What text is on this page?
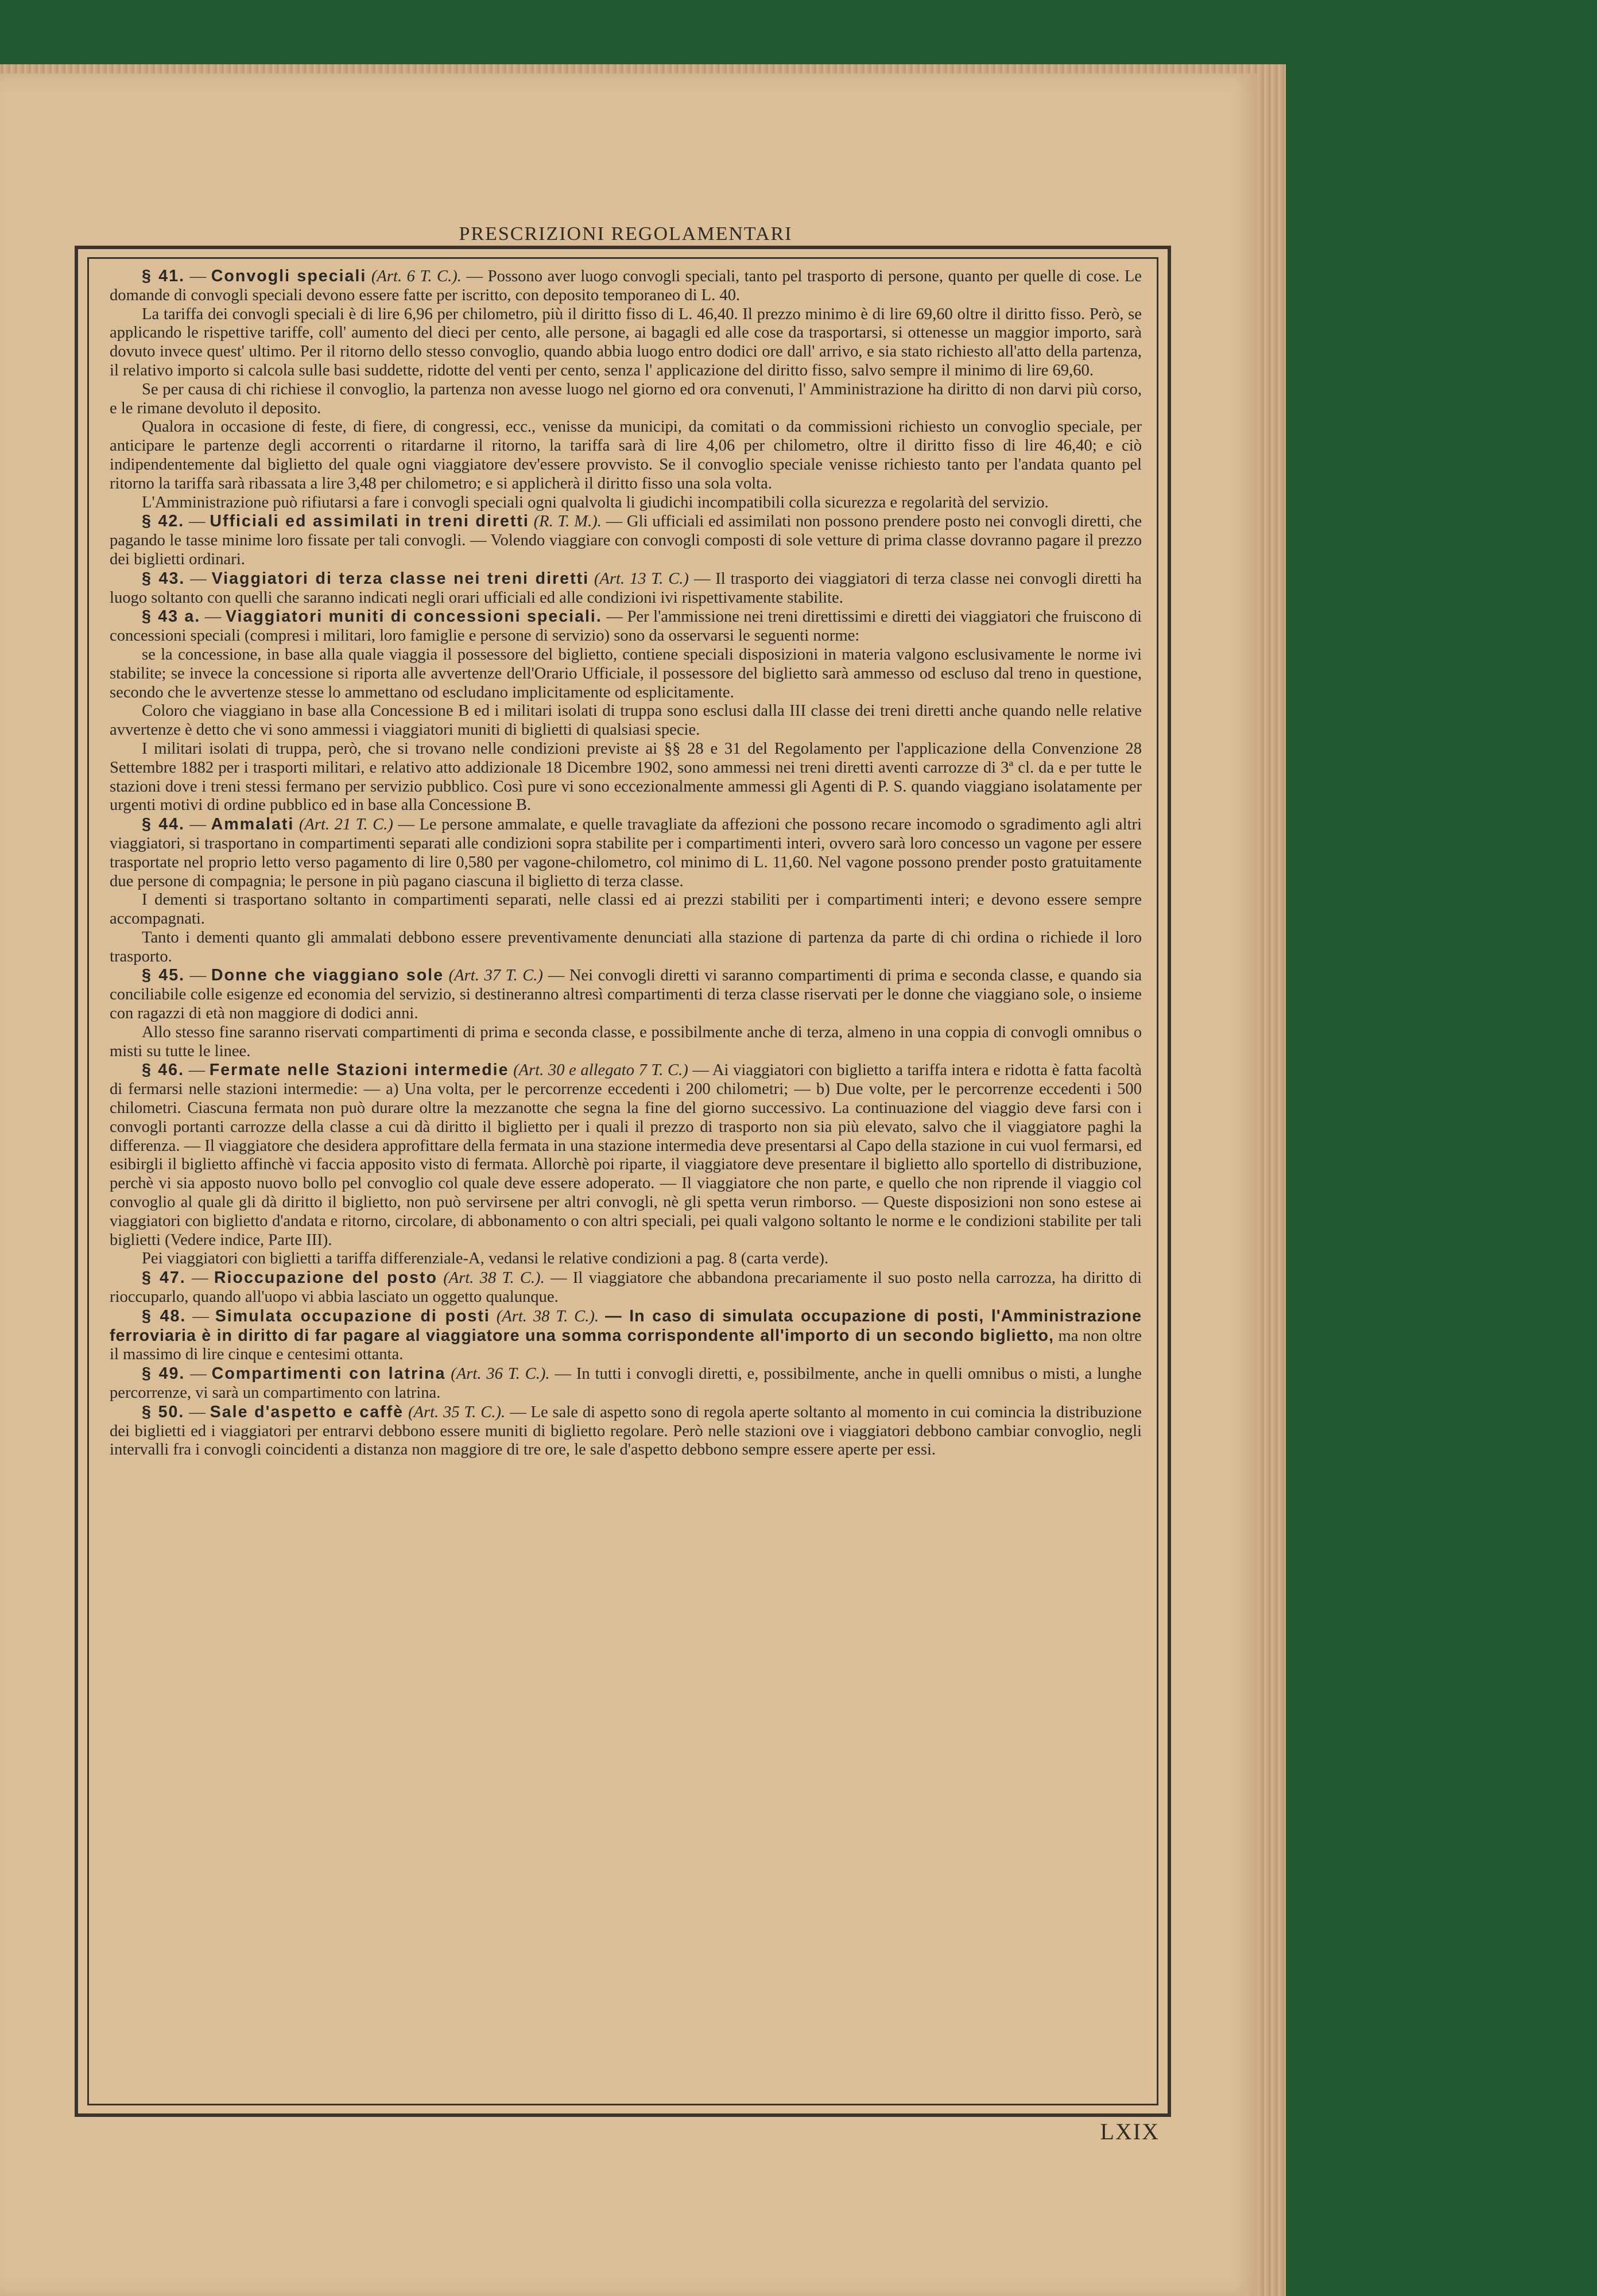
PRESCRIZIONI REGOLAMENTARI

§ 41. — Convogli speciali (Art. 6 T. C.). — Possono aver luogo convogli speciali, tanto pel trasporto di persone, quanto per quelle di cose. Le domande di convogli speciali devono essere fatte per iscritto, con deposito temporaneo di L. 40.

La tariffa dei convogli speciali è di lire 6,96 per chilometro, più il diritto fisso di L. 46,40. Il prezzo minimo è di lire 69,60 oltre il diritto fisso. Però, se applicando le rispettive tariffe, coll' aumento del dieci per cento, alle persone, ai bagagli ed alle cose da trasportarsi, si ottenesse un maggior importo, sarà dovuto invece quest' ultimo. Per il ritorno dello stesso convoglio, quando abbia luogo entro dodici ore dall' arrivo, e sia stato richiesto all'atto della partenza, il relativo importo si calcola sulle basi suddette, ridotte del venti per cento, senza l' applicazione del diritto fisso, salvo sempre il minimo di lire 69,60.

Se per causa di chi richiese il convoglio, la partenza non avesse luogo nel giorno ed ora convenuti, l' Amministrazione ha diritto di non darvi più corso, e le rimane devoluto il deposito.

Qualora in occasione di feste, di fiere, di congressi, ecc., venisse da municipi, da comitati o da commissioni richiesto un convoglio speciale, per anticipare le partenze degli accorrenti o ritardarne il ritorno, la tariffa sarà di lire 4,06 per chilometro, oltre il diritto fisso di lire 46,40; e ciò indipendentemente dal biglietto del quale ogni viaggiatore dev'essere provvisto. Se il convoglio speciale venisse richiesto tanto per l'andata quanto pel ritorno la tariffa sarà ribassata a lire 3,48 per chilometro; e si applicherà il diritto fisso una sola volta.

L'Amministrazione può rifiutarsi a fare i convogli speciali ogni qualvolta li giudichi incompatibili colla sicurezza e regolarità del servizio.

§ 42. — Ufficiali ed assimilati in treni diretti (R. T. M.). — Gli ufficiali ed assimilati non possono prendere posto nei convogli diretti, che pagando le tasse minime loro fissate per tali convogli. — Volendo viaggiare con convogli composti di sole vetture di prima classe dovranno pagare il prezzo dei biglietti ordinari.

§ 43. — Viaggiatori di terza classe nei treni diretti (Art. 13 T. C.) — Il trasporto dei viaggiatori di terza classe nei convogli diretti ha luogo soltanto con quelli che saranno indicati negli orari ufficiali ed alle condizioni ivi rispettivamente stabilite.

§ 43 a. — Viaggiatori muniti di concessioni speciali. — Per l'ammissione nei treni direttissimi e diretti dei viaggiatori che fruiscono di concessioni speciali (compresi i militari, loro famiglie e persone di servizio) sono da osservarsi le seguenti norme:

se la concessione, in base alla quale viaggia il possessore del biglietto, contiene speciali disposizioni in materia valgono esclusivamente le norme ivi stabilite; se invece la concessione si riporta alle avvertenze dell'Orario Ufficiale, il possessore del biglietto sarà ammesso od escluso dal treno in questione, secondo che le avvertenze stesse lo ammettano od escludano implicitamente od esplicitamente.

Coloro che viaggiano in base alla Concessione B ed i militari isolati di truppa sono esclusi dalla III classe dei treni diretti anche quando nelle relative avvertenze è detto che vi sono ammessi i viaggiatori muniti di biglietti di qualsiasi specie.

I militari isolati di truppa, però, che si trovano nelle condizioni previste ai §§ 28 e 31 del Regolamento per l'applicazione della Convenzione 28 Settembre 1882 per i trasporti militari, e relativo atto addizionale 18 Dicembre 1902, sono ammessi nei treni diretti aventi carrozze di 3ª cl. da e per tutte le stazioni dove i treni stessi fermano per servizio pubblico. Così pure vi sono eccezionalmente ammessi gli Agenti di P. S. quando viaggiano isolatamente per urgenti motivi di ordine pubblico ed in base alla Concessione B.

§ 44. — Ammalati (Art. 21 T. C.) — Le persone ammalate, e quelle travagliate da affezioni che possono recare incomodo o sgradimento agli altri viaggiatori, si trasportano in compartimenti separati alle condizioni sopra stabilite per i compartimenti interi, ovvero sarà loro concesso un vagone per essere trasportate nel proprio letto verso pagamento di lire 0,580 per vagone-chilometro, col minimo di L. 11,60. Nel vagone possono prender posto gratuitamente due persone di compagnia; le persone in più pagano ciascuna il biglietto di terza classe.

I dementi si trasportano soltanto in compartimenti separati, nelle classi ed ai prezzi stabiliti per i compartimenti interi; e devono essere sempre accompagnati.

Tanto i dementi quanto gli ammalati debbono essere preventivamente denunciati alla stazione di partenza da parte di chi ordina o richiede il loro trasporto.

§ 45. — Donne che viaggiano sole (Art. 37 T. C.) — Nei convogli diretti vi saranno compartimenti di prima e seconda classe, e quando sia conciliabile colle esigenze ed economia del servizio, si destineranno altresì compartimenti di terza classe riservati per le donne che viaggiano sole, o insieme con ragazzi di età non maggiore di dodici anni.

Allo stesso fine saranno riservati compartimenti di prima e seconda classe, e possibilmente anche di terza, almeno in una coppia di convogli omnibus o misti su tutte le linee.

§ 46. — Fermate nelle Stazioni intermedie (Art. 30 e allegato 7 T. C.) — Ai viaggiatori con biglietto a tariffa intera e ridotta è fatta facoltà di fermarsi nelle stazioni intermedie: — a) Una volta, per le percorrenze eccedenti i 200 chilometri; — b) Due volte, per le percorrenze eccedenti i 500 chilometri. Ciascuna fermata non può durare oltre la mezzanotte che segna la fine del giorno successivo. La continuazione del viaggio deve farsi con i convogli portanti carrozze della classe a cui dà diritto il biglietto per i quali il prezzo di trasporto non sia più elevato, salvo che il viaggiatore paghi la differenza. — Il viaggiatore che desidera approfittare della fermata in una stazione intermedia deve presentarsi al Capo della stazione in cui vuol fermarsi, ed esibirgli il biglietto affinchè vi faccia apposito visto di fermata. Allorchè poi riparte, il viaggiatore deve presentare il biglietto allo sportello di distribuzione, perchè vi sia apposto nuovo bollo pel convoglio col quale deve essere adoperato. — Il viaggiatore che non parte, e quello che non riprende il viaggio col convoglio al quale gli dà diritto il biglietto, non può servirsene per altri convogli, nè gli spetta verun rimborso. — Queste disposizioni non sono estese ai viaggiatori con biglietto d'andata e ritorno, circolare, di abbonamento o con altri speciali, pei quali valgono soltanto le norme e le condizioni stabilite per tali biglietti (Vedere indice, Parte III).

Pei viaggiatori con biglietti a tariffa differenziale-A, vedansi le relative condizioni a pag. 8 (carta verde).

§ 47. — Rioccupazione del posto (Art. 38 T. C.). — Il viaggiatore che abbandona precariamente il suo posto nella carrozza, ha diritto di rioccuparlo, quando all'uopo vi abbia lasciato un oggetto qualunque.

§ 48. — Simulata occupazione di posti (Art. 38 T. C.). — In caso di simulata occupazione di posti, l'Amministrazione ferroviaria è in diritto di far pagare al viaggiatore una somma corrispondente all'importo di un secondo biglietto, ma non oltre il massimo di lire cinque e centesimi ottanta.

§ 49. — Compartimenti con latrina (Art. 36 T. C.). — In tutti i convogli diretti, e, possibilmente, anche in quelli omnibus o misti, a lunghe percorrenze, vi sarà un compartimento con latrina.

§ 50. — Sale d'aspetto e caffè (Art. 35 T. C.). — Le sale di aspetto sono di regola aperte soltanto al momento in cui comincia la distribuzione dei biglietti ed i viaggiatori per entrarvi debbono essere muniti di biglietto regolare. Però nelle stazioni ove i viaggiatori debbono cambiar convoglio, negli intervalli fra i convogli coincidenti a distanza non maggiore di tre ore, le sale d'aspetto debbono sempre essere aperte per essi.

LXIX
